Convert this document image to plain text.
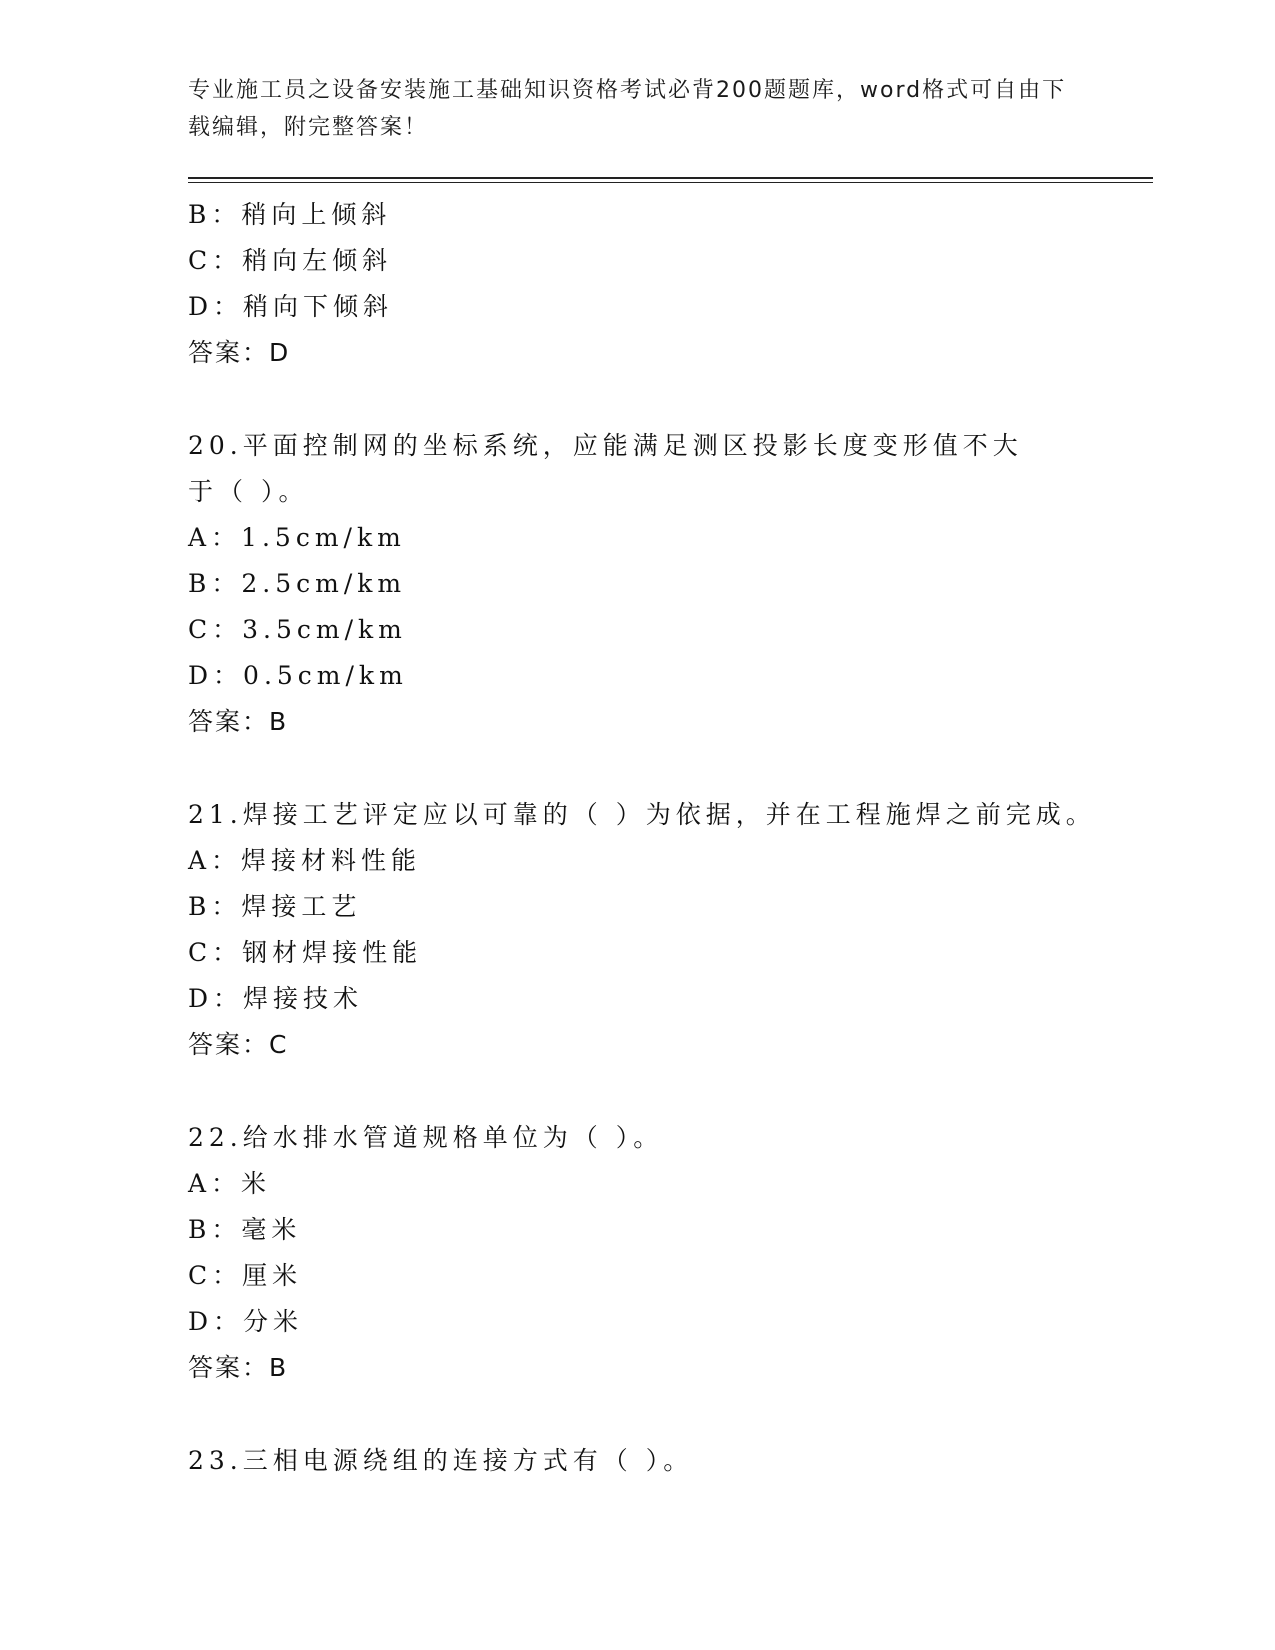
专业施工员之设备安装施工基础知识资格考试必背200题题库，word格式可自由下载编辑，附完整答案！
B：稍向上倾斜
C：稍向左倾斜
D：稍向下倾斜
答案：D
20.平面控制网的坐标系统，应能满足测区投影长度变形值不大于（ ）。
A：1.5cm/km
B：2.5cm/km
C：3.5cm/km
D：0.5cm/km
答案：B
21.焊接工艺评定应以可靠的（ ）为依据，并在工程施焊之前完成。
A：焊接材料性能
B：焊接工艺
C：钢材焊接性能
D：焊接技术
答案：C
22.给水排水管道规格单位为（ ）。
A：米
B：毫米
C：厘米
D：分米
答案：B
23.三相电源绕组的连接方式有（ ）。
